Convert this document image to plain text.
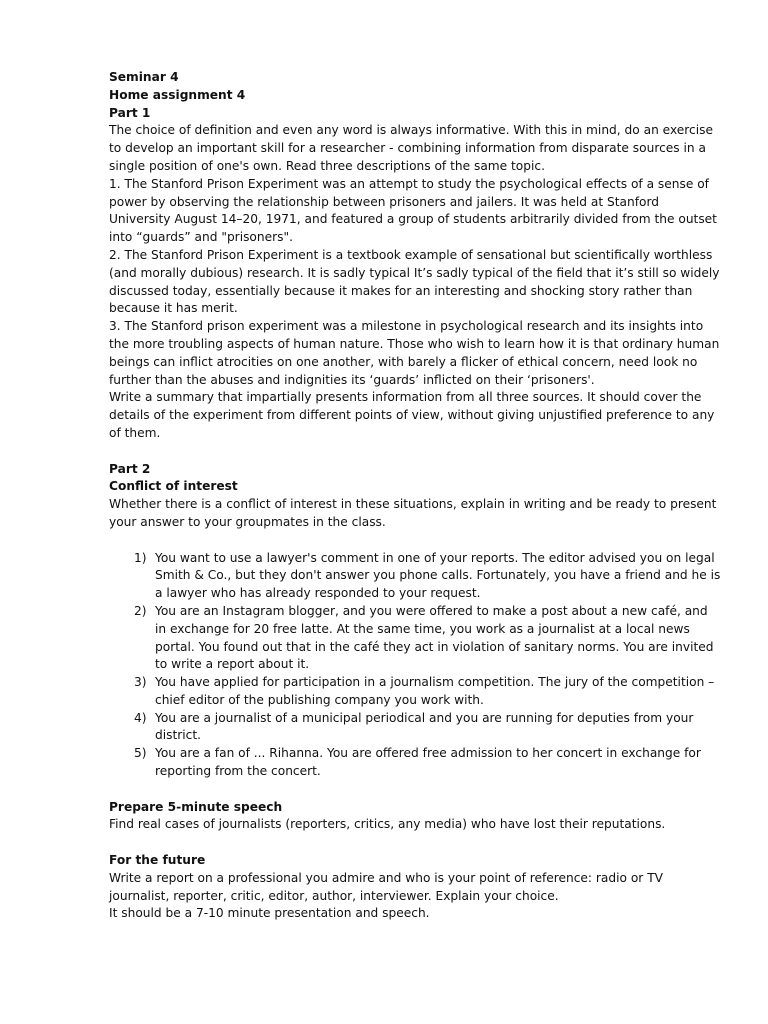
Seminar 4

Home assignment 4

Part 1

The choice of definition and even any word is always informative. With this in mind, do an exercise to develop an important skill for a researcher - combining information from disparate sources in a single position of one's own. Read three descriptions of the same topic.

1. The Stanford Prison Experiment was an attempt to study the psychological effects of a sense of power by observing the relationship between prisoners and jailers. It was held at Stanford University August 14–20, 1971, and featured a group of students arbitrarily divided from the outset into “guards” and "prisoners".

2. The Stanford Prison Experiment is a textbook example of sensational but scientifically worthless (and morally dubious) research. It is sadly typical It’s sadly typical of the field that it’s still so widely discussed today, essentially because it makes for an interesting and shocking story rather than because it has merit.

3. The Stanford prison experiment was a milestone in psychological research and its insights into the more troubling aspects of human nature. Those who wish to learn how it is that ordinary human beings can inflict atrocities on one another, with barely a flicker of ethical concern, need look no further than the abuses and indignities its ‘guards’ inflicted on their ‘prisoners'.

Write a summary that impartially presents information from all three sources. It should cover the details of the experiment from different points of view, without giving unjustified preference to any of them.

Part 2

Conflict of interest

Whether there is a conflict of interest in these situations, explain in writing and be ready to present your answer to your groupmates in the class.

1) You want to use a lawyer's comment in one of your reports. The editor advised you on legal Smith & Co., but they don't answer you phone calls. Fortunately, you have a friend and he is a lawyer who has already responded to your request.
2) You are an Instagram blogger, and you were offered to make a post about a new café, and in exchange for 20 free latte. At the same time, you work as a journalist at a local news portal. You found out that in the café they act in violation of sanitary norms. You are invited to write a report about it.
3) You have applied for participation in a journalism competition. The jury of the competition – chief editor of the publishing company you work with.
4) You are a journalist of a municipal periodical and you are running for deputies from your district.
5) You are a fan of ... Rihanna. You are offered free admission to her concert in exchange for reporting from the concert.

Prepare 5-minute speech

Find real cases of journalists (reporters, critics, any media) who have lost their reputations.

For the future

Write a report on a professional you admire and who is your point of reference: radio or TV journalist, reporter, critic, editor, author, interviewer. Explain your choice.

It should be a 7-10 minute presentation and speech.
